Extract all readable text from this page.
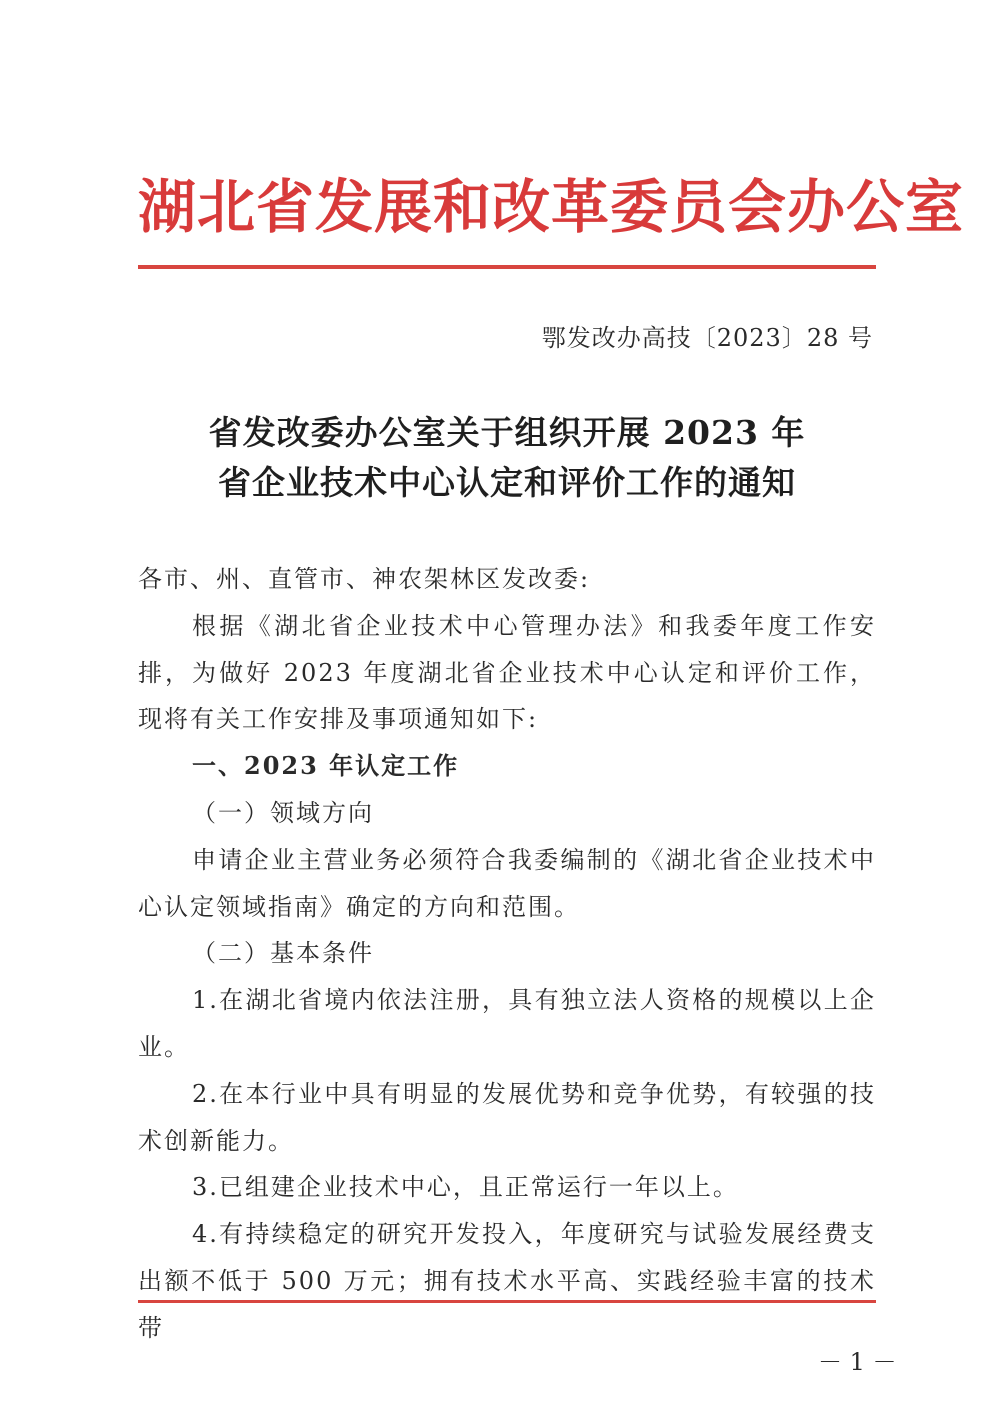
湖北省发展和改革委员会办公室
鄂发改办高技〔2023〕28 号
省发改委办公室关于组织开展 2023 年
省企业技术中心认定和评价工作的通知

各市、州、直管市、神农架林区发改委:

根据《湖北省企业技术中心管理办法》和我委年度工作安排，为做好 2023 年度湖北省企业技术中心认定和评价工作，现将有关工作安排及事项通知如下:

一、2023 年认定工作

（一）领域方向

申请企业主营业务必须符合我委编制的《湖北省企业技术中心认定领域指南》确定的方向和范围。

（二）基本条件

1.在湖北省境内依法注册，具有独立法人资格的规模以上企业。

2.在本行业中具有明显的发展优势和竞争优势，有较强的技术创新能力。

3.已组建企业技术中心，且正常运行一年以上。

4.有持续稳定的研究开发投入，年度研究与试验发展经费支出额不低于 500 万元；拥有技术水平高、实践经验丰富的技术带

－ 1 －
